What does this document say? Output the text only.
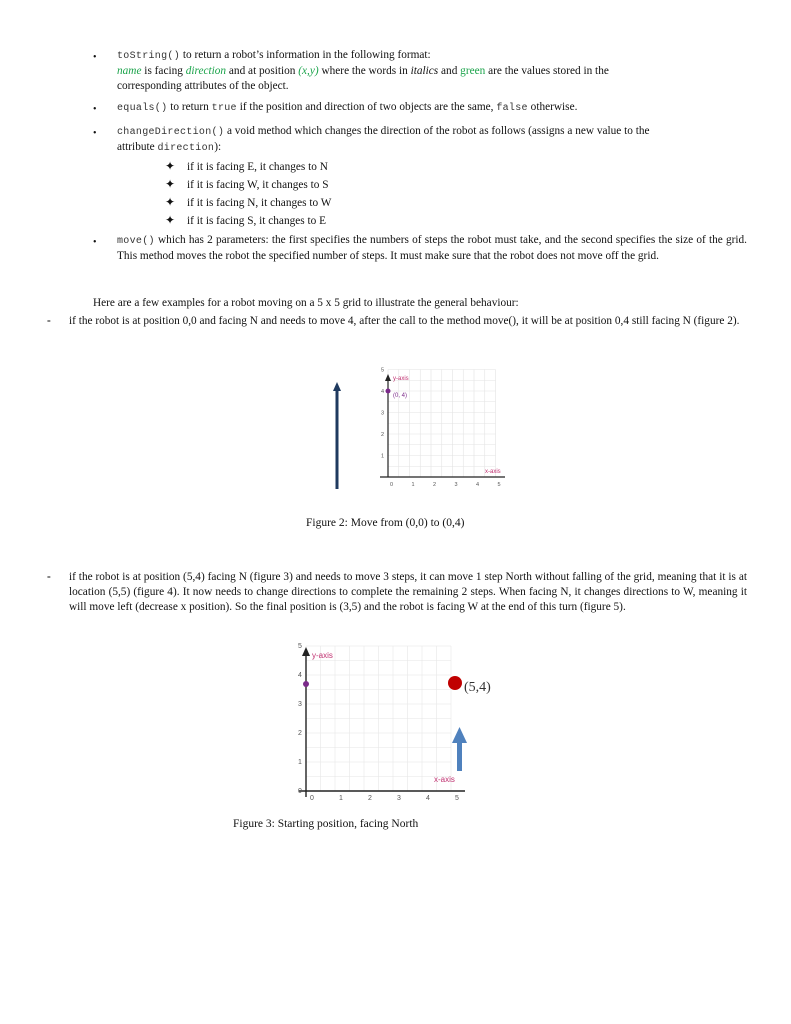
• toString() to return a robot’s information in the following format:
name is facing direction and at position (x,y) where the words in italics and green are the values stored in the
corresponding attributes of the object.
• equals() to return true if the position and direction of two objects are the same, false otherwise.
• changeDirection() a void method which changes the direction of the robot as follows (assigns a new value to the
attribute direction):
✦ if it is facing E, it changes to N
✦ if it is facing W, it changes to S
✦ if it is facing N, it changes to W
✦ if it is facing S, it changes to E
• move() which has 2 parameters: the first specifies the numbers of steps the robot must take, and the second specifies the size of the grid. This method moves the robot the specified number of steps. It must make sure that the robot does not move off the grid.
Here are a few examples for a robot moving on a 5 x 5 grid to illustrate the general behaviour:
- if the robot is at position 0,0 and facing N and needs to move 4, after the call to the method move(), it will be at position 0,4 still facing N (figure 2).
y-axis
x-axis
(0, 4)
1
2
3
4
5
0	1	2	3	4	5
Figure 2: Move from (0,0) to (0,4)
- if the robot is at position (5,4) facing N (figure 3) and needs to move 3 steps, it can move 1 step North without falling of the grid, meaning that it is at location (5,5) (figure 4). It now needs to change directions to complete the remaining 2 steps. When facing N, it changes directions to W, meaning it will move left (decrease x position). So the final position is (3,5) and the robot is facing W at the end of this turn (figure 5).
y-axis
x-axis
(5,4)
0
1
2
3
4
5
0	1	2	3	4	5
Figure 3: Starting position, facing North
